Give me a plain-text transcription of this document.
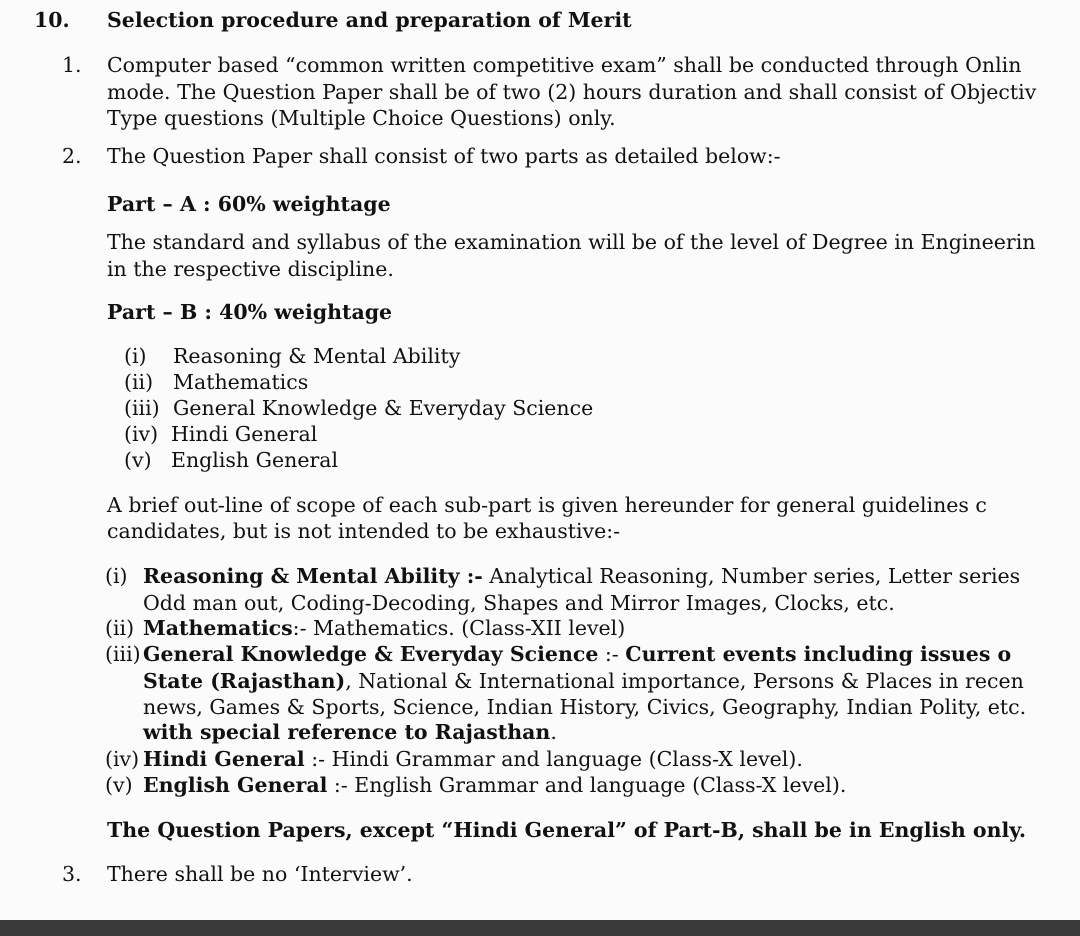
10. Selection procedure and preparation of Merit
1. Computer based “common written competitive exam” shall be conducted through Onlin
mode. The Question Paper shall be of two (2) hours duration and shall consist of Objectiv
Type questions (Multiple Choice Questions) only.
2. The Question Paper shall consist of two parts as detailed below:-
Part – A : 60% weightage
The standard and syllabus of the examination will be of the level of Degree in Engineerin
in the respective discipline.
Part – B : 40% weightage
(i) Reasoning & Mental Ability
(ii) Mathematics
(iii) General Knowledge & Everyday Science
(iv) Hindi General
(v) English General
A brief out-line of scope of each sub-part is given hereunder for general guidelines c
candidates, but is not intended to be exhaustive:-
(i) Reasoning & Mental Ability :- Analytical Reasoning, Number series, Letter series
Odd man out, Coding-Decoding, Shapes and Mirror Images, Clocks, etc.
(ii) Mathematics:- Mathematics. (Class-XII level)
(iii) General Knowledge & Everyday Science :- Current events including issues o
State (Rajasthan), National & International importance, Persons & Places in recen
news, Games & Sports, Science, Indian History, Civics, Geography, Indian Polity, etc.
with special reference to Rajasthan.
(iv) Hindi General :- Hindi Grammar and language (Class-X level).
(v) English General :- English Grammar and language (Class-X level).
The Question Papers, except “Hindi General” of Part-B, shall be in English only.
3. There shall be no ‘Interview’.
